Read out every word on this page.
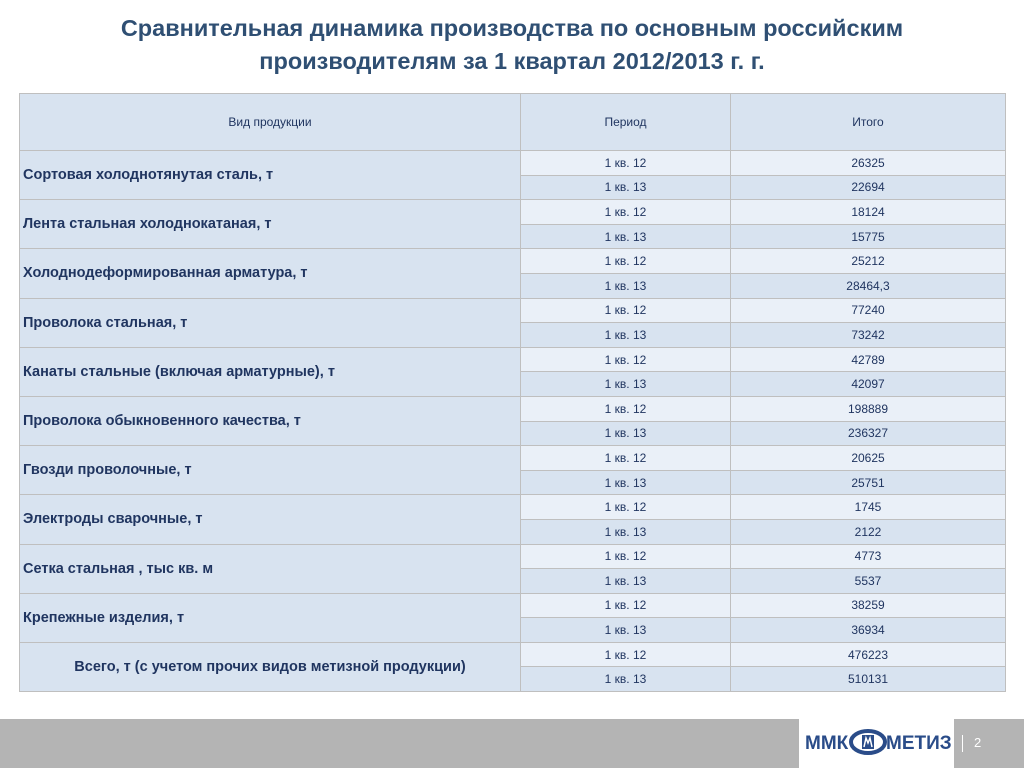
Сравнительная динамика производства по основным российским
производителям за 1 квартал 2012/2013 г. г.
Вид продукции	Период	Итого
Сортовая холоднотянутая сталь, т	1 кв. 12	26325
	1 кв. 13	22694
Лента стальная холоднокатаная, т	1 кв. 12	18124
	1 кв. 13	15775
Холоднодеформированная арматура, т	1 кв. 12	25212
	1 кв. 13	28464,3
Проволока стальная, т	1 кв. 12	77240
	1 кв. 13	73242
Канаты стальные (включая арматурные), т	1 кв. 12	42789
	1 кв. 13	42097
Проволока обыкновенного качества, т	1 кв. 12	198889
	1 кв. 13	236327
Гвозди проволочные, т	1 кв. 12	20625
	1 кв. 13	25751
Электроды сварочные, т	1 кв. 12	1745
	1 кв. 13	2122
Сетка стальная , тыс кв. м	1 кв. 12	4773
	1 кв. 13	5537
Крепежные изделия, т	1 кв. 12	38259
	1 кв. 13	36934
Всего, т (с учетом прочих видов метизной продукции)	1 кв. 12	476223
	1 кв. 13	510131
ММК МЕТИЗ 2
